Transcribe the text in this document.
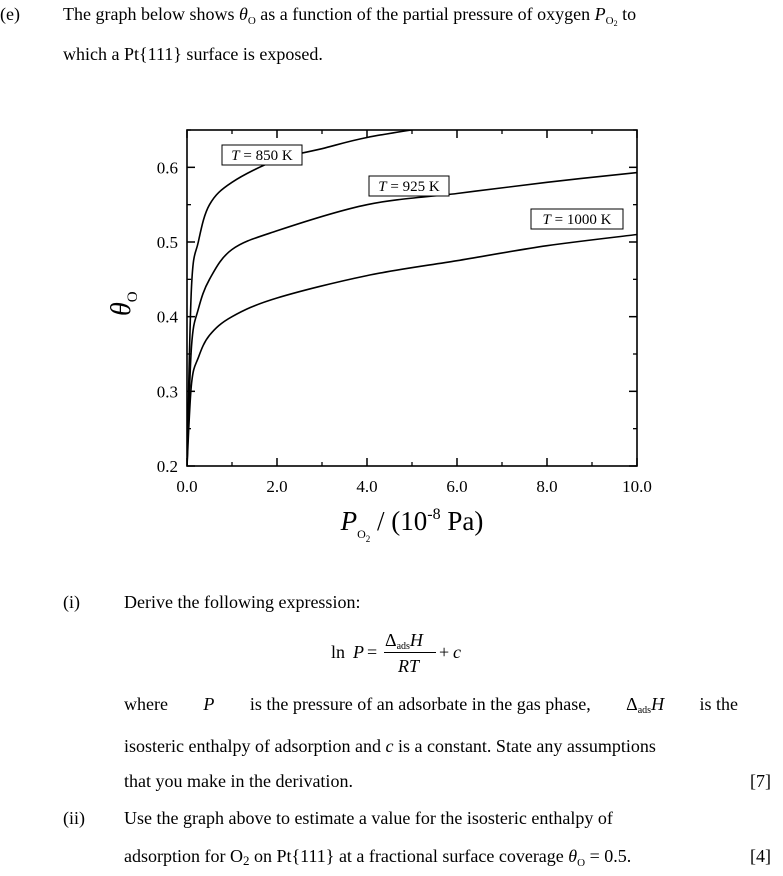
(e) The graph below shows $\theta_O$ as a function of the partial pressure of oxygen $P_{O_2}$ to
which a Pt{111} surface is exposed.
0.0	2.0	4.0	6.0	8.0	10.0
0.2
0.3
0.4
0.5
0.6
T = 850 K
T = 925 K
T = 1000 K
$P_O2 / (10^{-8}$ Pa)
$\theta_O$
(i) Derive the following expression:
ln P =
$\Delta_{ads}H$
RT
+ c
where P is the pressure of an adsorbate in the gas phase, $\Delta_{ads}H$ is the
isosteric enthalpy of adsorption and c is a constant. State any assumptions
that you make in the derivation.	[7]
(ii) Use the graph above to estimate a value for the isosteric enthalpy of
adsorption for $O_2$ on Pt{111} at a fractional surface coverage $\theta_O = 0.5$.	[4]
